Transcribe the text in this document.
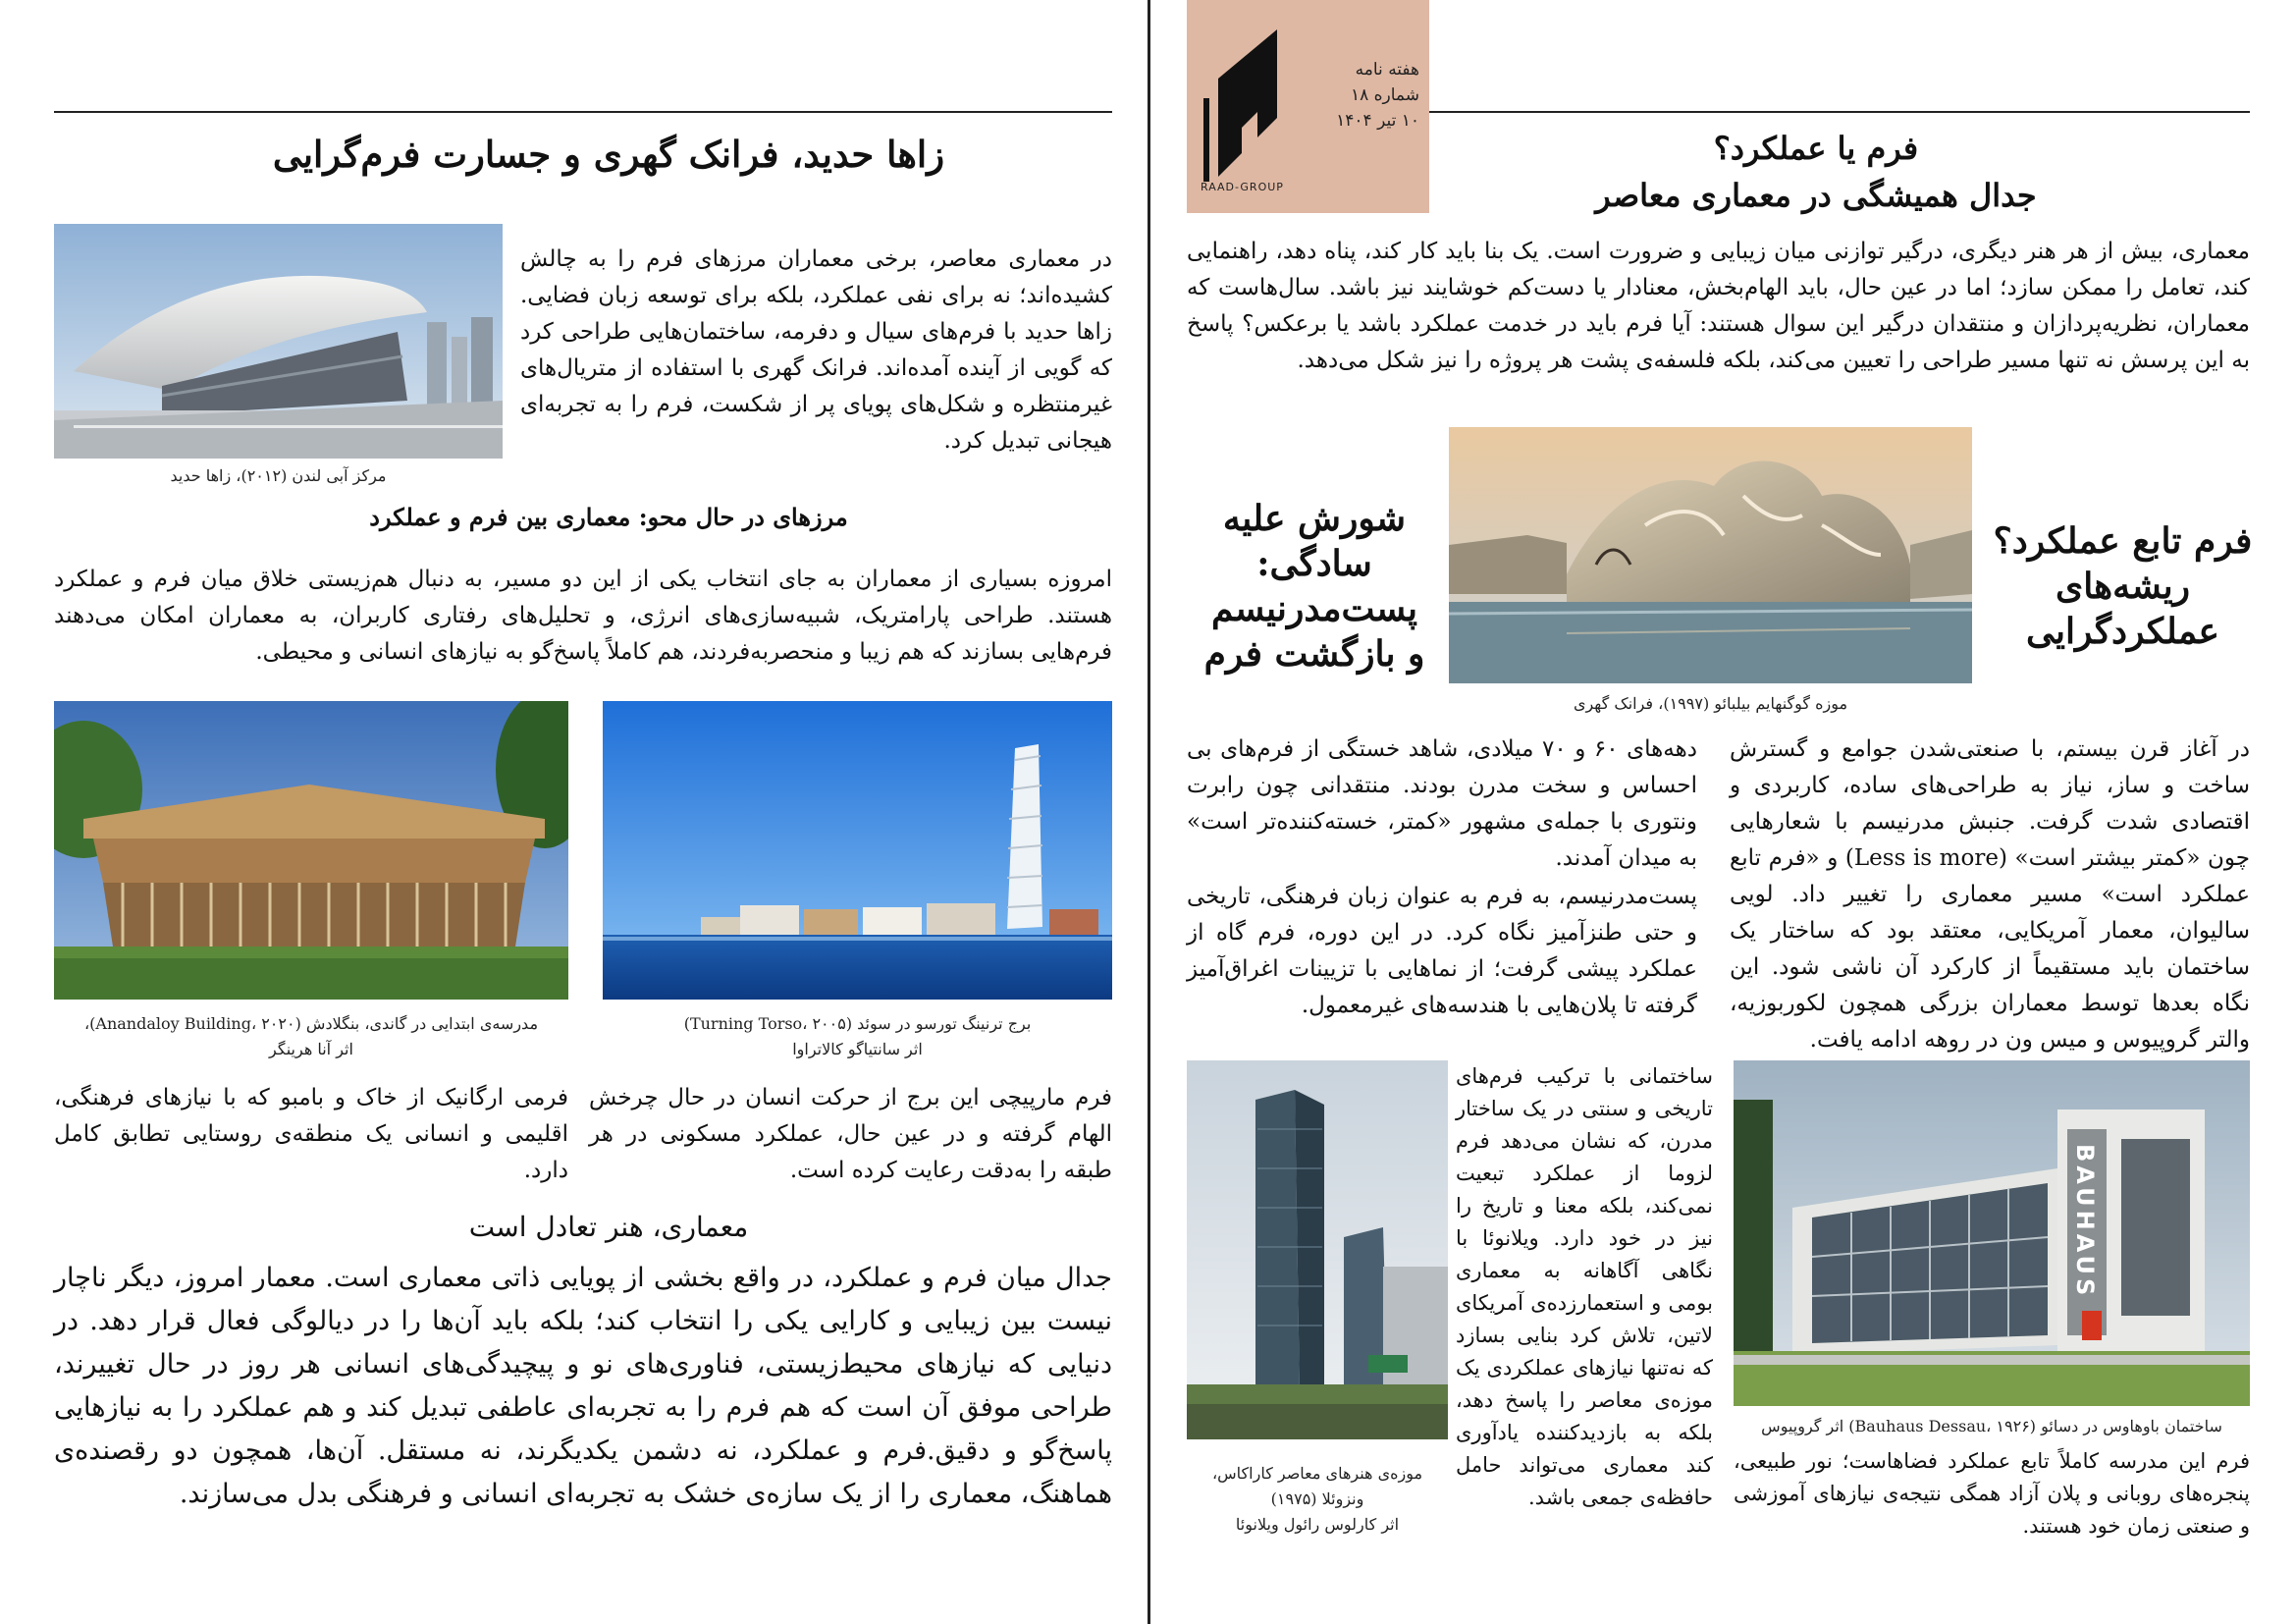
زاها حدید، فرانک گهری و جسارت فرم‌گرایی
در معماری معاصر، برخی معماران مرزهای فرم را به چالش کشیده‌اند؛ نه برای نفی عملکرد، بلکه برای توسعه زبان فضایی. زاها حدید با فرم‌های سیال و دفرمه، ساختمان‌هایی طراحی کرد که گویی از آینده آمده‌اند. فرانک گهری با استفاده از متریال‌های غیرمنتظره و شکل‌های پویای پر از شکست، فرم را به تجربه‌ای هیجانی تبدیل کرد.
مرکز آبی لندن (۲۰۱۲)، زاها حدید
مرزهای در حال محو: معماری بین فرم و عملکرد
امروزه بسیاری از معماران به جای انتخاب یکی از این دو مسیر، به دنبال هم‌زیستی خلاق میان فرم و عملکرد هستند. طراحی پارامتریک، شبیه‌سازی‌های انرژی، و تحلیل‌های رفتاری کاربران، به معماران امکان می‌دهند فرم‌هایی بسازند که هم زیبا و منحصربه‌فردند، هم کاملاً پاسخ‌گو به نیازهای انسانی و محیطی.
برج ترنینگ تورسو در سوئد (Turning Torso، ۲۰۰۵)
اثر سانتیاگو کالاتراوا
مدرسه‌ی ابتدایی در گاندی، بنگلادش (Anandaloy Building، ۲۰۲۰)،
اثر آنا هرینگر
فرم مارپیچی این برج از حرکت انسان در حال چرخش الهام گرفته و در عین حال، عملکرد مسکونی در هر طبقه را به‌دقت رعایت کرده است.
فرمی ارگانیک از خاک و بامبو که با نیازهای فرهنگی، اقلیمی و انسانی یک منطقه‌ی روستایی تطابق کامل دارد.
معماری، هنر تعادل است
جدال میان فرم و عملکرد، در واقع بخشی از پویایی ذاتی معماری است. معمار امروز، دیگر ناچار نیست بین زیبایی و کارایی یکی را انتخاب کند؛ بلکه باید آن‌ها را در دیالوگی فعال قرار دهد. در دنیایی که نیازهای محیط‌زیستی، فناوری‌های نو و پیچیدگی‌های انسانی هر روز در حال تغییرند، طراحی موفق آن است که هم فرم را به تجربه‌ای عاطفی تبدیل کند و هم عملکرد را به نیازهایی پاسخ‌گو و دقیق.فرم و عملکرد، نه دشمن یکدیگرند، نه مستقل. آن‌ها، همچون دو رقصنده‌ی هماهنگ، معماری را از یک سازه‌ی خشک به تجربه‌ای انسانی و فرهنگی بدل می‌سازند.
RAAD-GROUP
هفته نامه
شماره ۱۸
۱۰ تیر ۱۴۰۴
فرم یا عملکرد؟
جدال همیشگی در معماری معاصر
معماری، بیش از هر هنر دیگری، درگیر توازنی میان زیبایی و ضرورت است. یک بنا باید کار کند، پناه دهد، راهنمایی کند، تعامل را ممکن سازد؛ اما در عین حال، باید الهام‌بخش، معنادار یا دست‌کم خوشایند نیز باشد. سال‌هاست که معماران، نظریه‌پردازان و منتقدان درگیر این سوال هستند: آیا فرم باید در خدمت عملکرد باشد یا برعکس؟ پاسخ به این پرسش نه تنها مسیر طراحی را تعیین می‌کند، بلکه فلسفه‌ی پشت هر پروژه را نیز شکل می‌دهد.
فرم تابع عملکرد؟
ریشه‌های عملکردگرایی
شورش علیه سادگی:
پست‌مدرنیسم
و بازگشت فرم
موزه گوگنهایم بیلبائو (۱۹۹۷)، فرانک گهری
در آغاز قرن بیستم، با صنعتی‌شدن جوامع و گسترش ساخت و ساز، نیاز به طراحی‌های ساده، کاربردی و اقتصادی شدت گرفت. جنبش مدرنیسم با شعارهایی چون «کمتر بیشتر است» (Less is more) و «فرم تابع عملکرد است» مسیر معماری را تغییر داد. لویی سالیوان، معمار آمریکایی، معتقد بود که ساختار یک ساختمان باید مستقیماً از کارکرد آن ناشی شود. این نگاه بعدها توسط معماران بزرگی همچون لکوربوزیه، والتر گروپیوس و میس ون در روهه ادامه یافت.
دهه‌های ۶۰ و ۷۰ میلادی، شاهد خستگی از فرم‌های بی احساس و سخت مدرن بودند. منتقدانی چون رابرت ونتوری با جمله‌ی مشهور «کمتر، خسته‌کننده‌تر است» به میدان آمدند.
پست‌مدرنیسم، به فرم به عنوان زبان فرهنگی، تاریخی و حتی طنزآمیز نگاه کرد. در این دوره، فرم گاه از عملکرد پیشی گرفت؛ از نماهایی با تزیینات اغراق‌آمیز گرفته تا پلان‌هایی با هندسه‌های غیرمعمول.
ساختمانی با ترکیب فرم‌های تاریخی و سنتی در یک ساختار مدرن، که نشان می‌دهد فرم لزوما از عملکرد تبعیت نمی‌کند، بلکه معنا و تاریخ را نیز در خود دارد. ویلانوئا با نگاهی آگاهانه به معماری بومی و استعمارزده‌ی آمریکای لاتین، تلاش کرد بنایی بسازد که نه‌تنها نیازهای عملکردی یک موزه‌ی معاصر را پاسخ دهد، بلکه به بازدیدکننده یادآوری کند معماری می‌تواند حامل حافظه‌ی جمعی باشد.
موزه‌ی هنرهای معاصر کاراکاس،
ونزوئلا (۱۹۷۵)
اثر کارلوس رائول ویلانوئا
BAUHAUS
ساختمان باوهاوس در دسائو (Bauhaus Dessau، ۱۹۲۶) اثر گروپیوس
فرم این مدرسه کاملاً تابع عملکرد فضاهاست؛ نور طبیعی، پنجره‌های روبانی و پلان آزاد همگی نتیجه‌ی نیازهای آموزشی و صنعتی زمان خود هستند.
